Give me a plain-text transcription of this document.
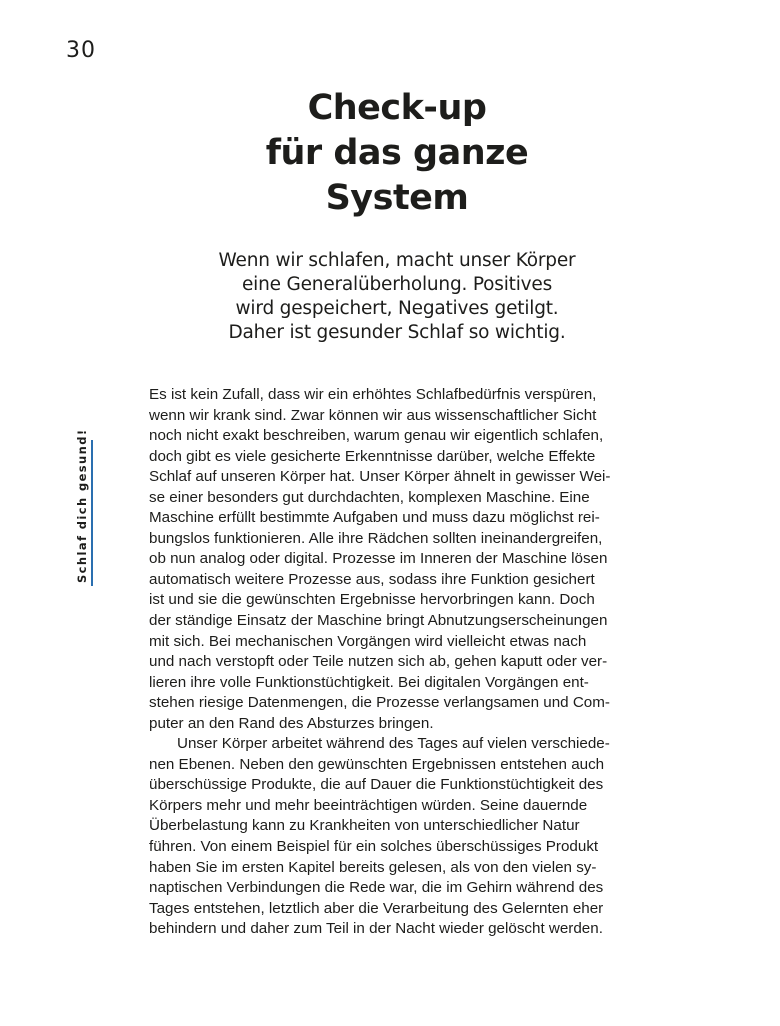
30
Schlaf dich gesund!
Check-up
für das ganze
System

Wenn wir schlafen, macht unser Körper
eine Generalüberholung. Positives
wird gespeichert, Negatives getilgt.
Daher ist gesunder Schlaf so wichtig.

Es ist kein Zufall, dass wir ein erhöhtes Schlafbedürfnis verspüren,
wenn wir krank sind. Zwar können wir aus wissenschaftlicher Sicht
noch nicht exakt beschreiben, warum genau wir eigentlich schlafen,
doch gibt es viele gesicherte Erkenntnisse darüber, welche Effekte
Schlaf auf unseren Körper hat. Unser Körper ähnelt in gewisser Wei-
se einer besonders gut durchdachten, komplexen Maschine. Eine
Maschine erfüllt bestimmte Aufgaben und muss dazu möglichst rei-
bungslos funktionieren. Alle ihre Rädchen sollten ineinandergreifen,
ob nun analog oder digital. Prozesse im Inneren der Maschine lösen
automatisch weitere Prozesse aus, sodass ihre Funktion gesichert
ist und sie die gewünschten Ergebnisse hervorbringen kann. Doch
der ständige Einsatz der Maschine bringt Abnutzungserscheinungen
mit sich. Bei mechanischen Vorgängen wird vielleicht etwas nach
und nach verstopft oder Teile nutzen sich ab, gehen kaputt oder ver-
lieren ihre volle Funktionstüchtigkeit. Bei digitalen Vorgängen ent-
stehen riesige Datenmengen, die Prozesse verlangsamen und Com-
puter an den Rand des Absturzes bringen.
Unser Körper arbeitet während des Tages auf vielen verschiede-
nen Ebenen. Neben den gewünschten Ergebnissen entstehen auch
überschüssige Produkte, die auf Dauer die Funktionstüchtigkeit des
Körpers mehr und mehr beeinträchtigen würden. Seine dauernde
Überbelastung kann zu Krankheiten von unterschiedlicher Natur
führen. Von einem Beispiel für ein solches überschüssiges Produkt
haben Sie im ersten Kapitel bereits gelesen, als von den vielen sy-
naptischen Verbindungen die Rede war, die im Gehirn während des
Tages entstehen, letztlich aber die Verarbeitung des Gelernten eher
behindern und daher zum Teil in der Nacht wieder gelöscht werden.
